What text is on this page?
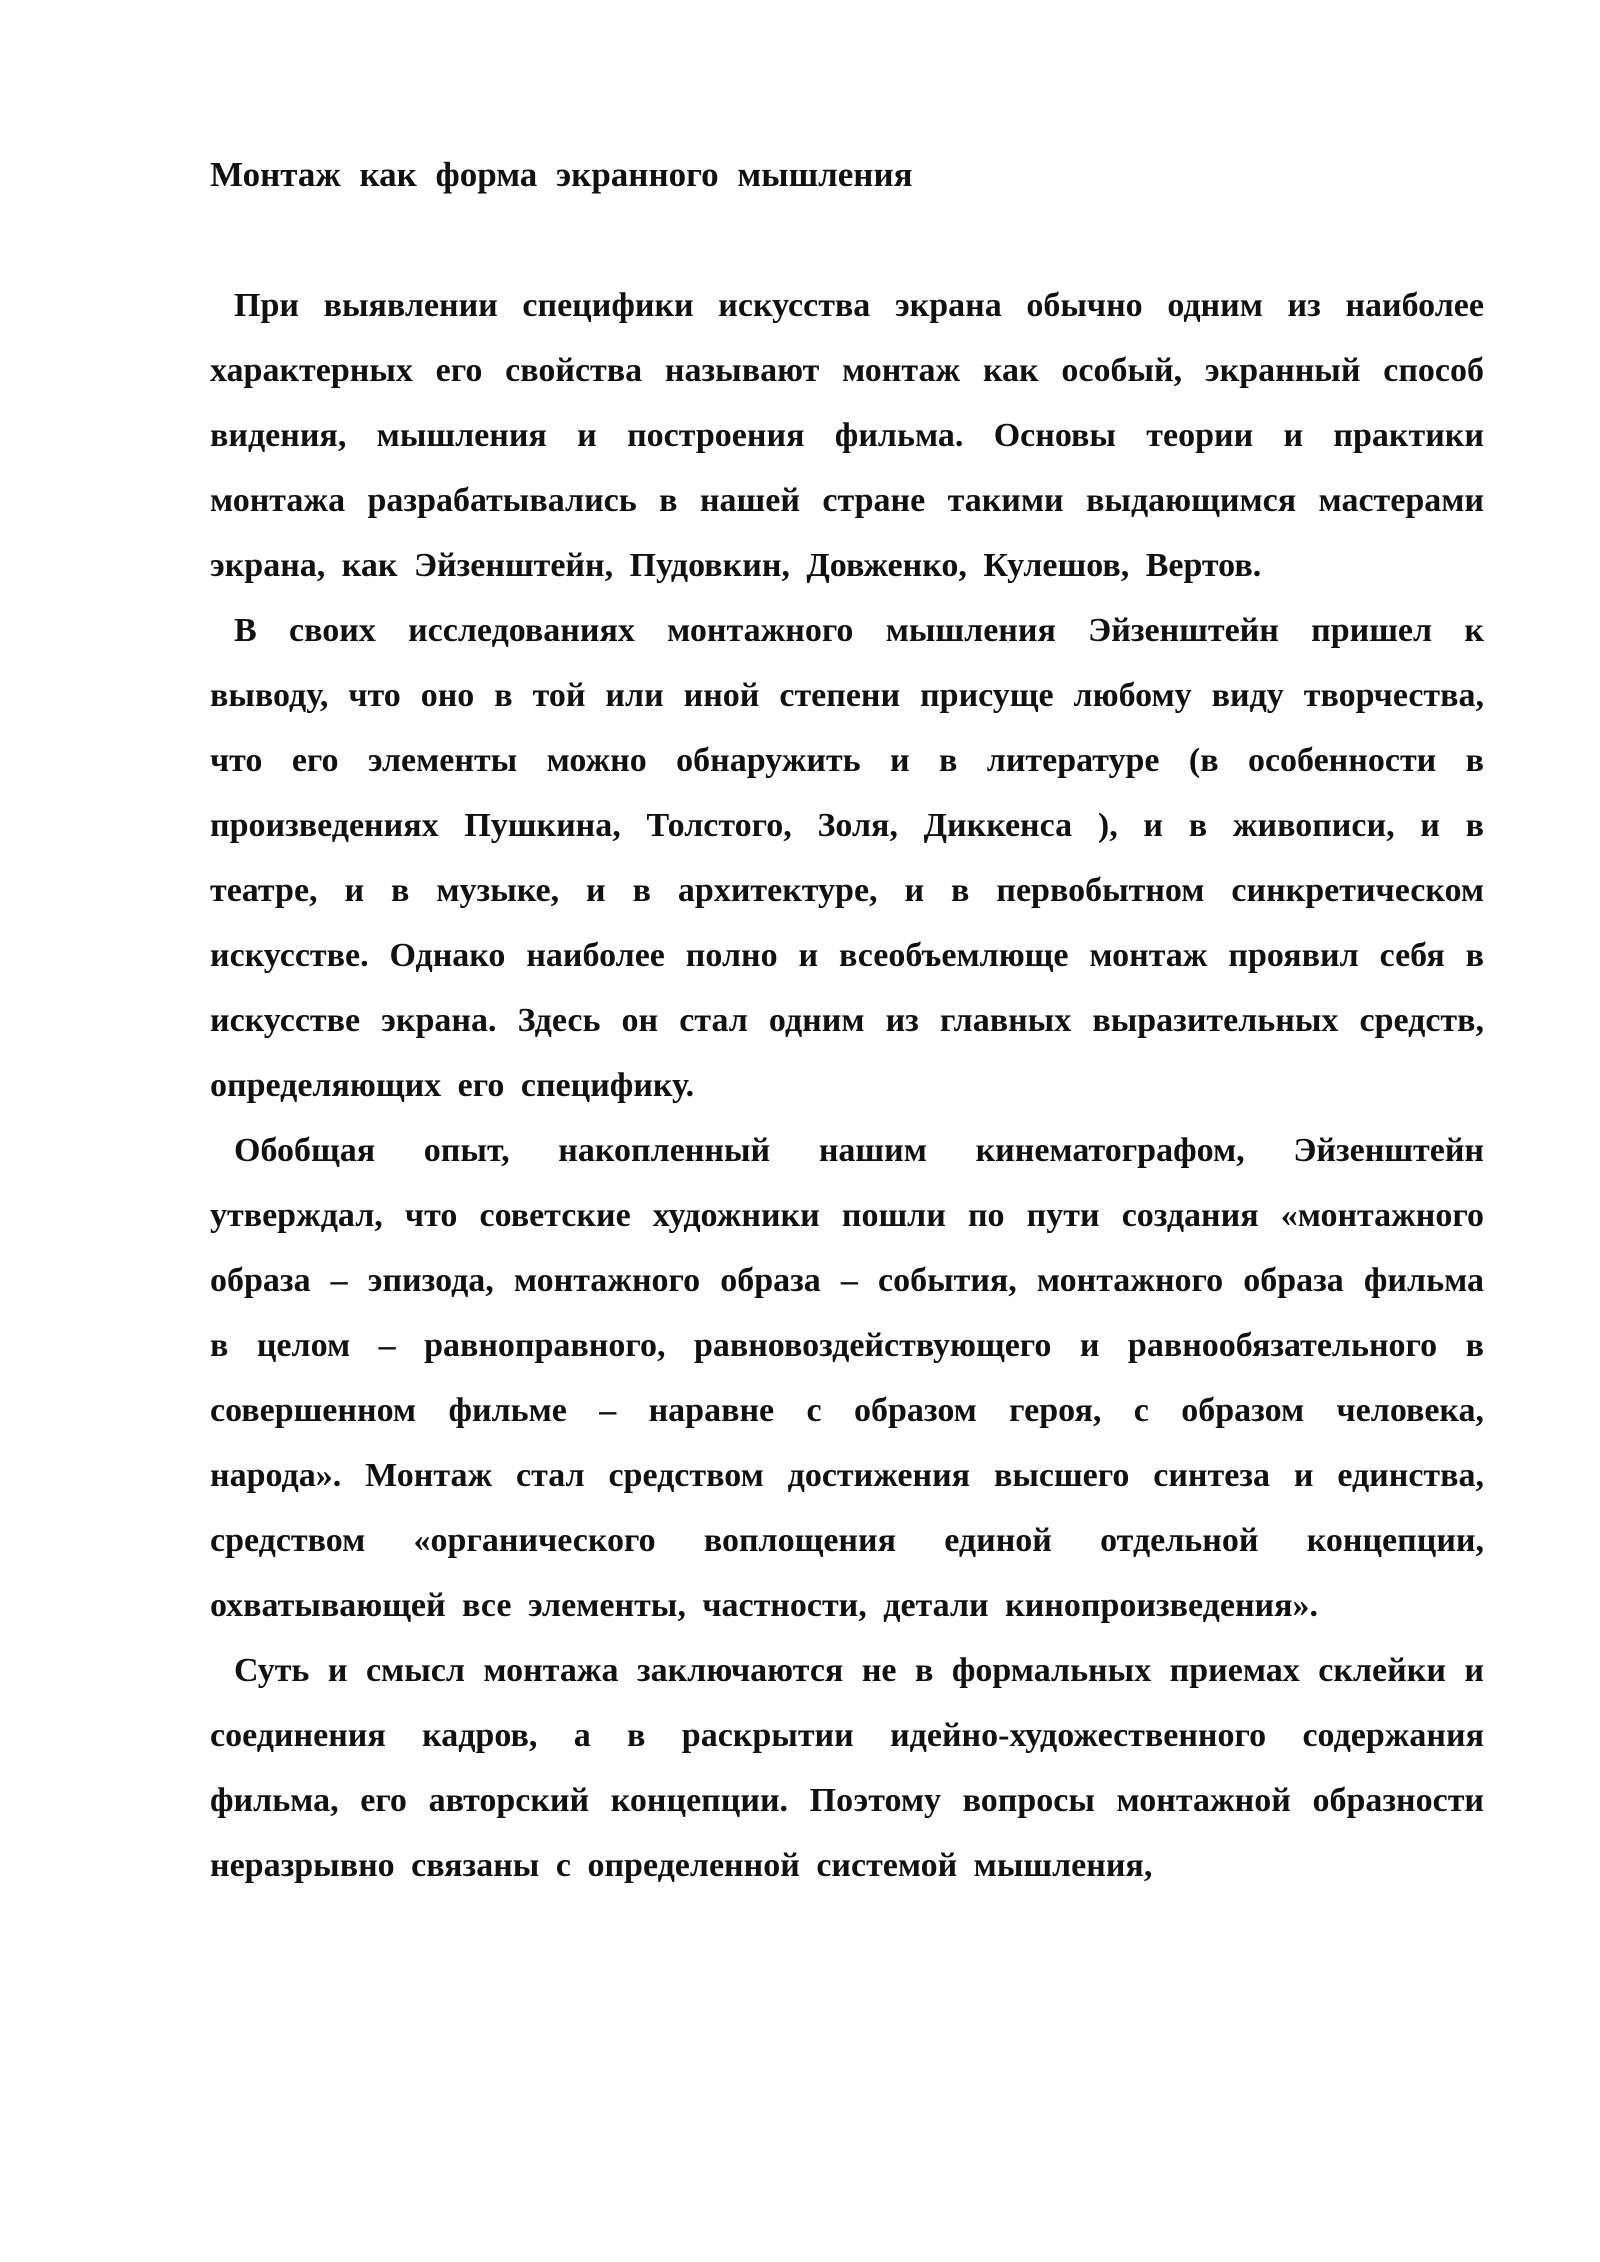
Монтаж как форма экранного мышления

При выявлении специфики искусства экрана обычно одним из наиболее характерных его свойства называют монтаж как особый, экранный способ видения, мышления и построения фильма. Основы теории и практики монтажа разрабатывались в нашей стране такими выдающимся мастерами экрана, как Эйзенштейн, Пудовкин, Довженко, Кулешов, Вертов.

В своих исследованиях монтажного мышления Эйзенштейн пришел к выводу, что оно в той или иной степени присуще любому виду творчества, что его элементы можно обнаружить и в литературе (в особенности в произведениях Пушкина, Толстого, Золя, Диккенса ), и в живописи, и в театре, и в музыке, и в архитектуре, и в первобытном синкретическом искусстве. Однако наиболее полно и всеобъемлюще монтаж проявил себя в искусстве экрана. Здесь он стал одним из главных выразительных средств, определяющих его специфику.

Обобщая опыт, накопленный нашим кинематографом, Эйзенштейн утверждал, что советские художники пошли по пути создания «монтажного образа – эпизода, монтажного образа – события, монтажного образа фильма в целом – равноправного, равновоздействующего и равнообязательного в совершенном фильме – наравне с образом героя, с образом человека, народа». Монтаж стал средством достижения высшего синтеза и единства, средством «органического воплощения единой отдельной концепции, охватывающей все элементы, частности, детали кинопроизведения».

Суть и смысл монтажа заключаются не в формальных приемах склейки и соединения кадров, а в раскрытии идейно-художественного содержания фильма, его авторский концепции. Поэтому вопросы монтажной образности неразрывно связаны с определенной системой мышления,
